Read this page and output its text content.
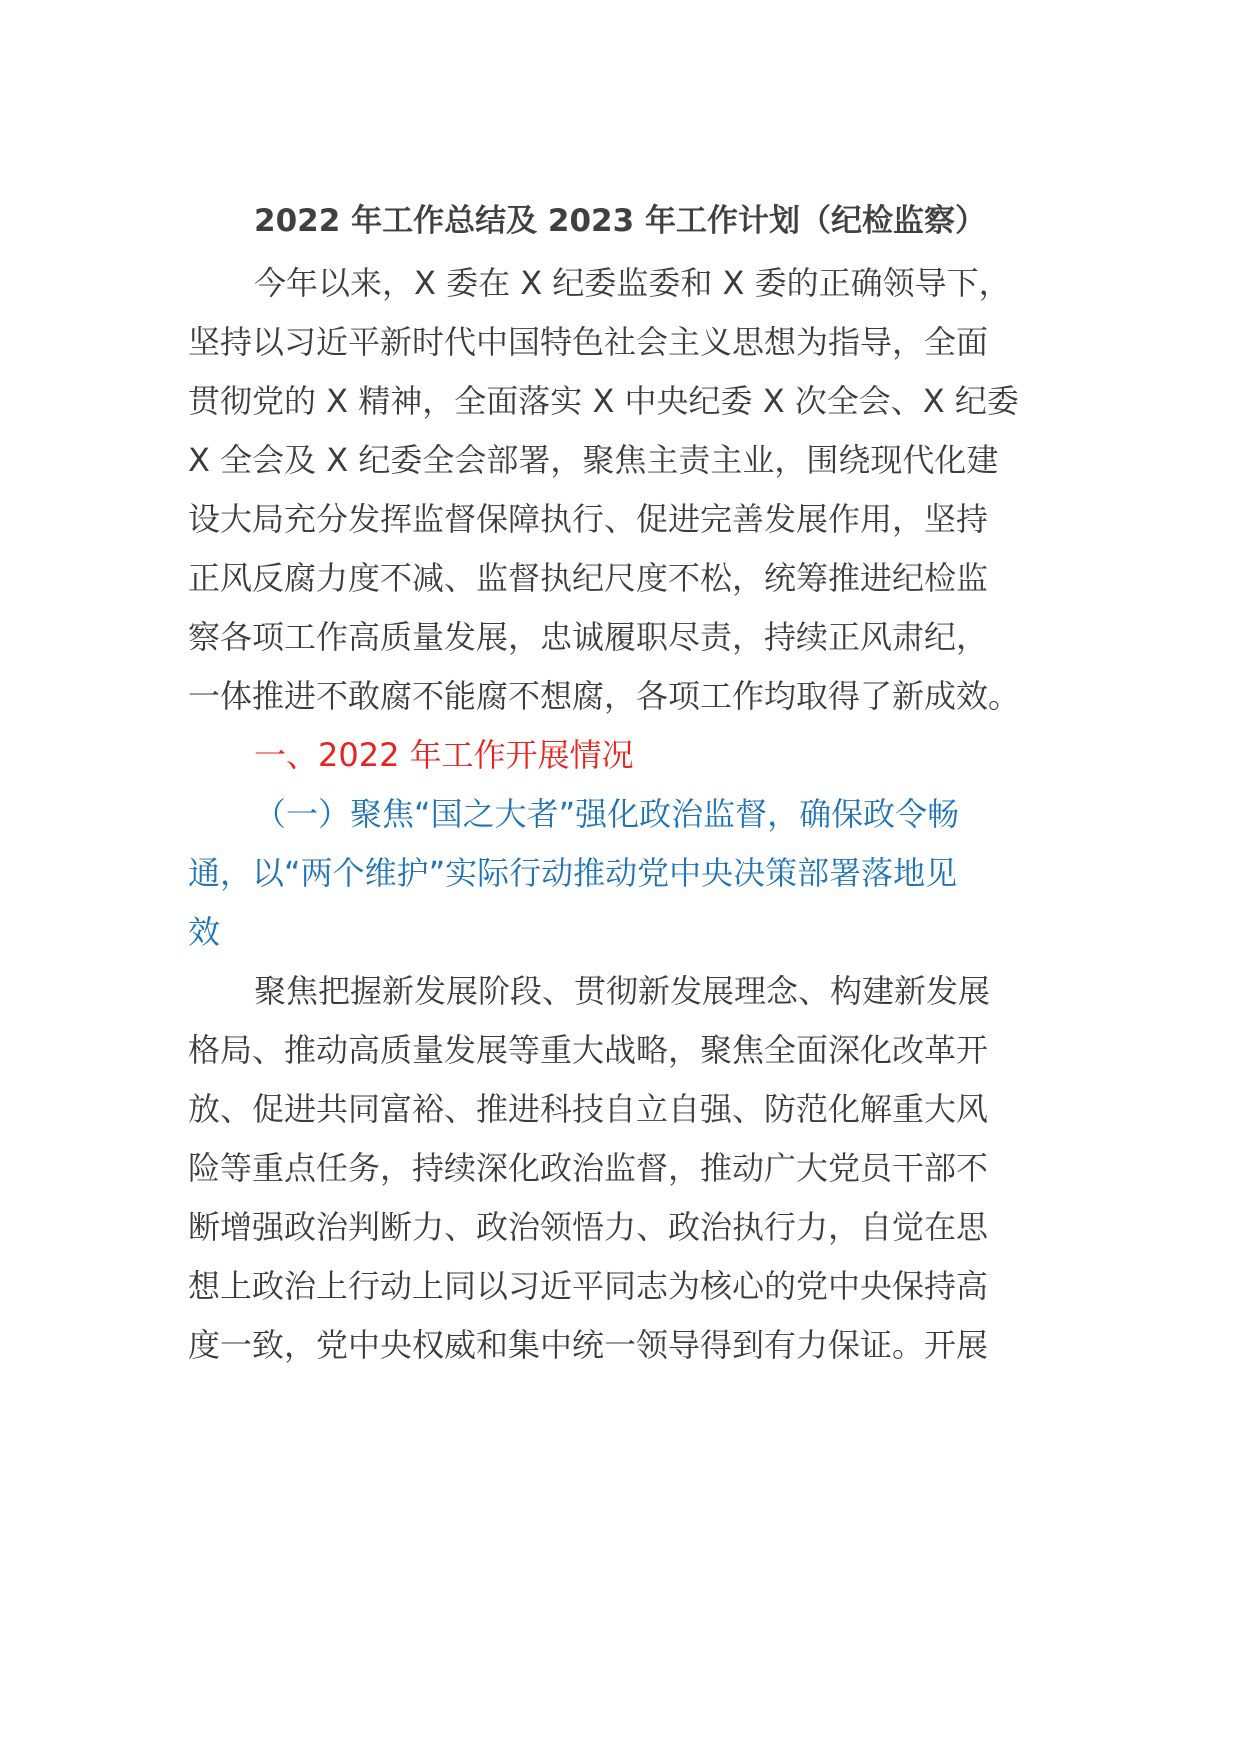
2022 年工作总结及 2023 年工作计划（纪检监察）
今年以来，X 委在 X 纪委监委和 X 委的正确领导下，
坚持以习近平新时代中国特色社会主义思想为指导，全面
贯彻党的 X 精神，全面落实 X 中央纪委 X 次全会、X 纪委
X 全会及 X 纪委全会部署，聚焦主责主业，围绕现代化建
设大局充分发挥监督保障执行、促进完善发展作用，坚持
正风反腐力度不减、监督执纪尺度不松，统筹推进纪检监
察各项工作高质量发展，忠诚履职尽责，持续正风肃纪，
一体推进不敢腐不能腐不想腐，各项工作均取得了新成效。
一、2022 年工作开展情况
（一）聚焦“国之大者”强化政治监督，确保政令畅
通，以“两个维护”实际行动推动党中央决策部署落地见
效
聚焦把握新发展阶段、贯彻新发展理念、构建新发展
格局、推动高质量发展等重大战略，聚焦全面深化改革开
放、促进共同富裕、推进科技自立自强、防范化解重大风
险等重点任务，持续深化政治监督，推动广大党员干部不
断增强政治判断力、政治领悟力、政治执行力，自觉在思
想上政治上行动上同以习近平同志为核心的党中央保持高
度一致，党中央权威和集中统一领导得到有力保证。开展
